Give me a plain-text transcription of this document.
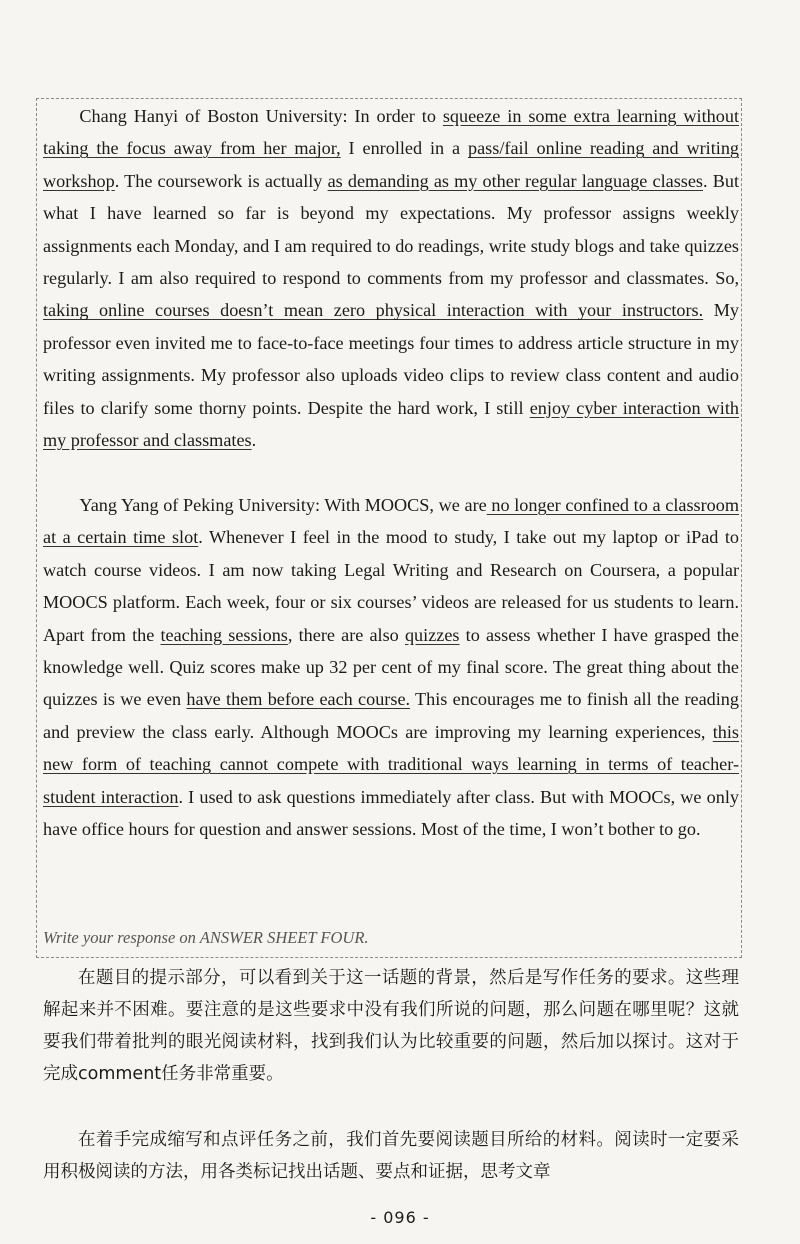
Chang Hanyi of Boston University: In order to squeeze in some extra learning without taking the focus away from her major, I enrolled in a pass/fail online reading and writing workshop. The coursework is actually as demanding as my other regular language classes. But what I have learned so far is beyond my expectations. My professor assigns weekly assignments each Monday, and I am required to do readings, write study blogs and take quizzes regularly. I am also required to respond to comments from my professor and classmates. So, taking online courses doesn’t mean zero physical interaction with your instructors. My professor even invited me to face-to-face meetings four times to address article structure in my writing assignments. My professor also uploads video clips to review class content and audio files to clarify some thorny points. Despite the hard work, I still enjoy cyber interaction with my professor and classmates.

Yang Yang of Peking University: With MOOCS, we are no longer confined to a classroom at a certain time slot. Whenever I feel in the mood to study, I take out my laptop or iPad to watch course videos. I am now taking Legal Writing and Research on Coursera, a popular MOOCS platform. Each week, four or six courses’ videos are released for us students to learn. Apart from the teaching sessions, there are also quizzes to assess whether I have grasped the knowledge well. Quiz scores make up 32 per cent of my final score. The great thing about the quizzes is we even have them before each course. This encourages me to finish all the reading and preview the class early. Although MOOCs are improving my learning experiences, this new form of teaching cannot compete with traditional ways learning in terms of teacher-student interaction. I used to ask questions immediately after class. But with MOOCs, we only have office hours for question and answer sessions. Most of the time, I won’t bother to go.

Write your response on ANSWER SHEET FOUR.

在题目的提示部分，可以看到关于这一话题的背景，然后是写作任务的要求。这些理解起来并不困难。要注意的是这些要求中没有我们所说的问题，那么问题在哪里呢？这就要我们带着批判的眼光阅读材料，找到我们认为比较重要的问题，然后加以探讨。这对于完成comment任务非常重要。

在着手完成缩写和点评任务之前，我们首先要阅读题目所给的材料。阅读时一定要采用积极阅读的方法，用各类标记找出话题、要点和证据，思考文章

- 096 -
